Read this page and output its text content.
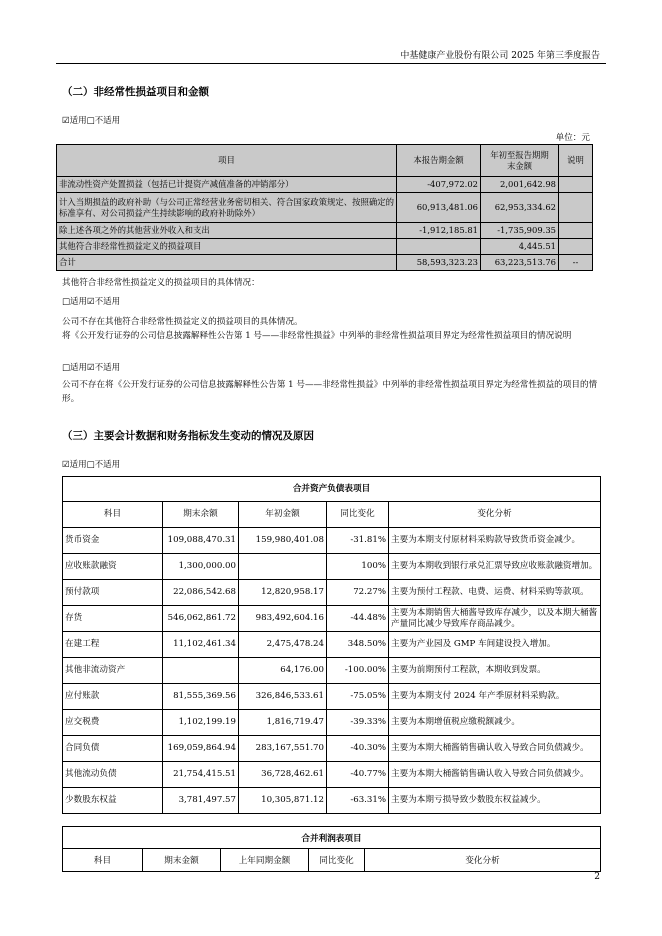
中基健康产业股份有限公司 2025 年第三季度报告
（二）非经常性损益项目和金额
☑适用□不适用
单位：元
项目	本报告期金额	年初至报告期期末金额	说明
非流动性资产处置损益（包括已计提资产减值准备的冲销部分）	-407,972.02	2,001,642.98	
计入当期损益的政府补助（与公司正常经营业务密切相关、符合国家政策规定、按照确定的标准享有、对公司损益产生持续影响的政府补助除外）	60,913,481.06	62,953,334.62	
除上述各项之外的其他营业外收入和支出	-1,912,185.81	-1,735,909.35	
其他符合非经常性损益定义的损益项目		4,445.51	
合计	58,593,323.23	63,223,513.76	--
其他符合非经常性损益定义的损益项目的具体情况：
□适用☑不适用
公司不存在其他符合非经常性损益定义的损益项目的具体情况。
将《公开发行证券的公司信息披露解释性公告第 1 号——非经常性损益》中列举的非经常性损益项目界定为经常性损益项目的情况说明
□适用☑不适用
公司不存在将《公开发行证券的公司信息披露解释性公告第 1 号——非经常性损益》中列举的非经常性损益项目界定为经常性损益的项目的情形。
（三）主要会计数据和财务指标发生变动的情况及原因
☑适用□不适用
合并资产负债表项目				
科目	期末余额	年初金额	同比变化	变化分析
货币资金	109,088,470.31	159,980,401.08	-31.81%	主要为本期支付原材料采购款导致货币资金减少。
应收账款融资	1,300,000.00		100%	主要为本期收到银行承兑汇票导致应收账款融资增加。
预付款项	22,086,542.68	12,820,958.17	72.27%	主要为预付工程款、电费、运费、材料采购等款项。
存货	546,062,861.72	983,492,604.16	-44.48%	主要为本期销售大桶酱导致库存减少，以及本期大桶酱产量同比减少导致库存商品减少。
在建工程	11,102,461.34	2,475,478.24	348.50%	主要为产业园及 GMP 车间建设投入增加。
其他非流动资产		64,176.00	-100.00%	主要为前期预付工程款，本期收到发票。
应付账款	81,555,369.56	326,846,533.61	-75.05%	主要为本期支付 2024 年产季原材料采购款。
应交税费	1,102,199.19	1,816,719.47	-39.33%	主要为本期增值税应缴税额减少。
合同负债	169,059,864.94	283,167,551.70	-40.30%	主要为本期大桶酱销售确认收入导致合同负债减少。
其他流动负债	21,754,415.51	36,728,462.61	-40.77%	主要为本期大桶酱销售确认收入导致合同负债减少。
少数股东权益	3,781,497.57	10,305,871.12	-63.31%	主要为本期亏损导致少数股东权益减少。
合并利润表项目
科目	期末金额	上年同期金额	同比变化	变化分析
2
